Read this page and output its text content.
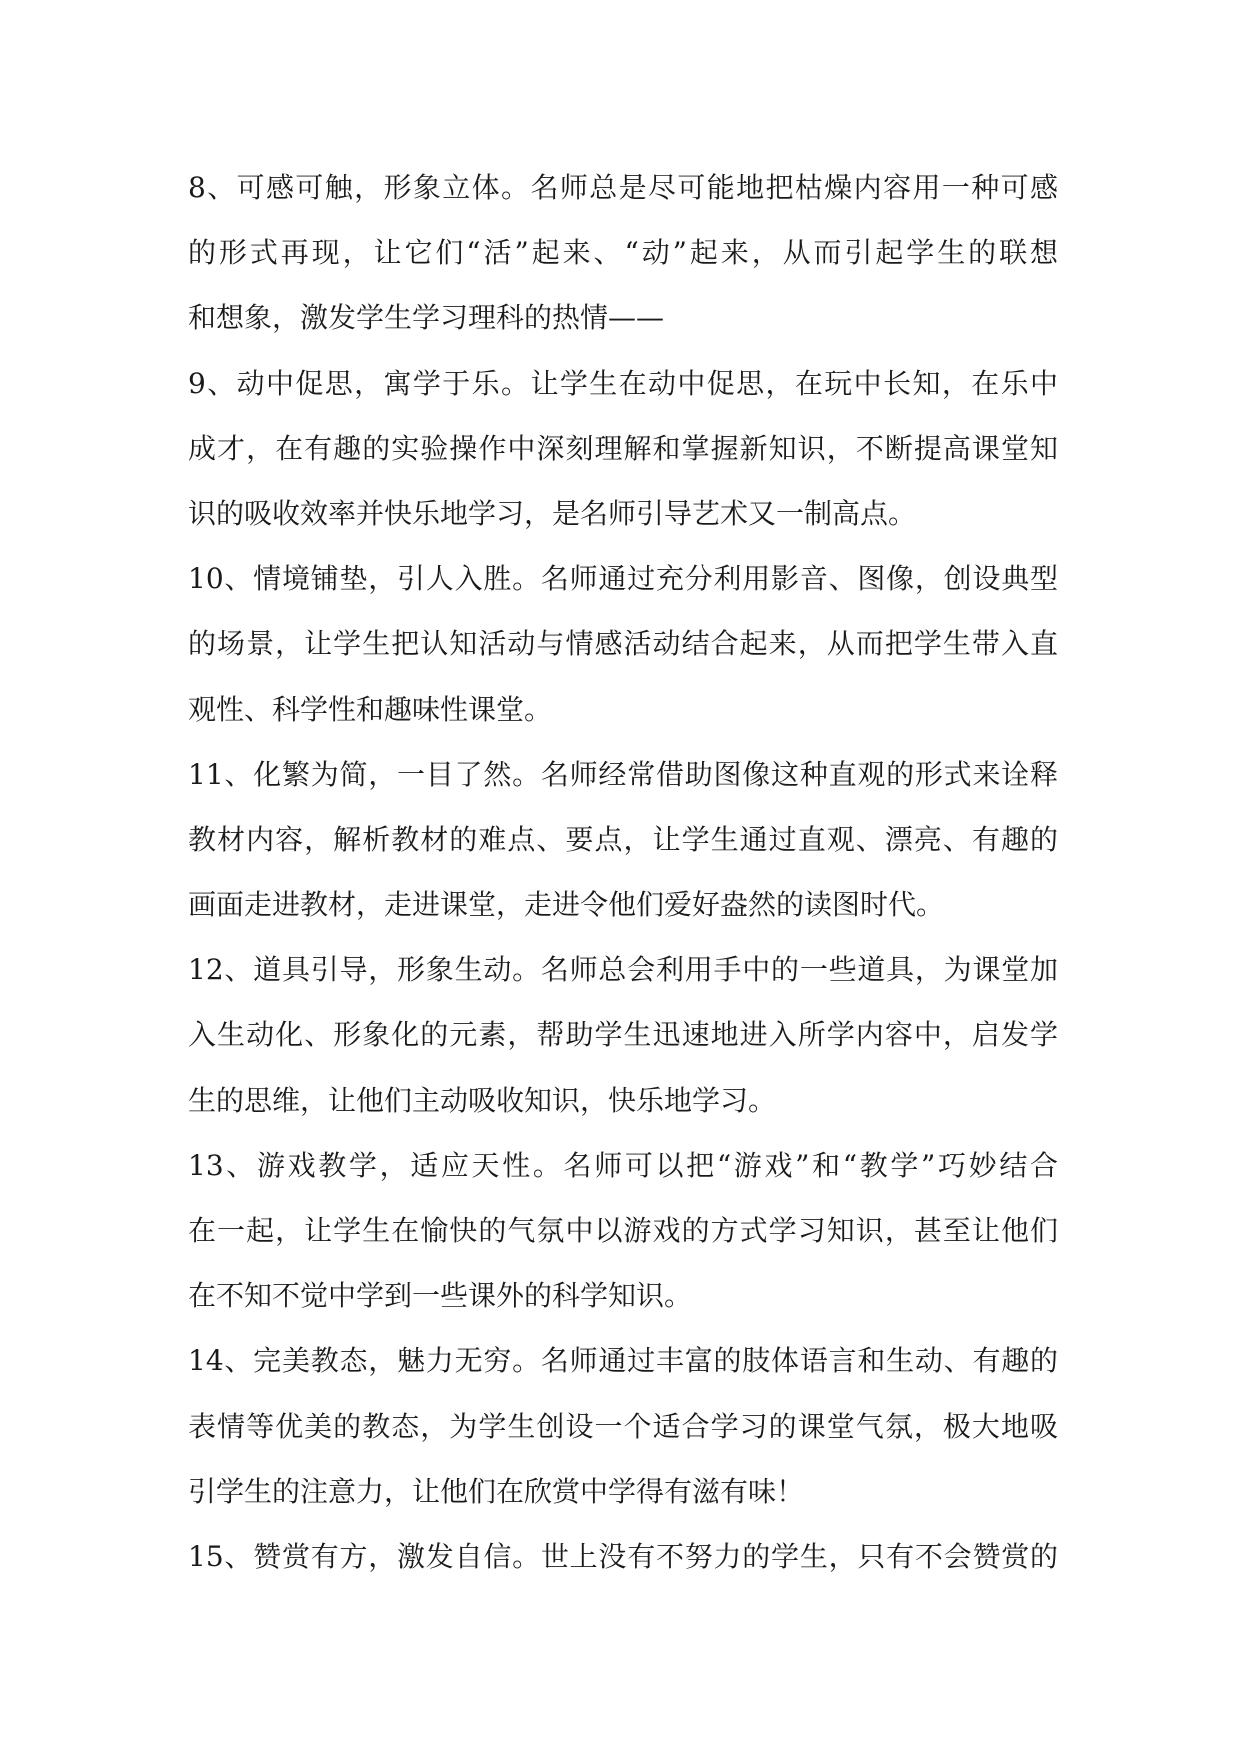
8、可感可触，形象立体。名师总是尽可能地把枯燥内容用一种可感
的形式再现，让它们“活”起来、“动”起来，从而引起学生的联想
和想象，激发学生学习理科的热情——
9、动中促思，寓学于乐。让学生在动中促思，在玩中长知，在乐中
成才，在有趣的实验操作中深刻理解和掌握新知识，不断提高课堂知
识的吸收效率并快乐地学习，是名师引导艺术又一制高点。
10、情境铺垫，引人入胜。名师通过充分利用影音、图像，创设典型
的场景，让学生把认知活动与情感活动结合起来，从而把学生带入直
观性、科学性和趣味性课堂。
11、化繁为简，一目了然。名师经常借助图像这种直观的形式来诠释
教材内容，解析教材的难点、要点，让学生通过直观、漂亮、有趣的
画面走进教材，走进课堂，走进令他们爱好盎然的读图时代。
12、道具引导，形象生动。名师总会利用手中的一些道具，为课堂加
入生动化、形象化的元素，帮助学生迅速地进入所学内容中，启发学
生的思维，让他们主动吸收知识，快乐地学习。
13、游戏教学，适应天性。名师可以把“游戏”和“教学”巧妙结合
在一起，让学生在愉快的气氛中以游戏的方式学习知识，甚至让他们
在不知不觉中学到一些课外的科学知识。
14、完美教态，魅力无穷。名师通过丰富的肢体语言和生动、有趣的
表情等优美的教态，为学生创设一个适合学习的课堂气氛，极大地吸
引学生的注意力，让他们在欣赏中学得有滋有味！
15、赞赏有方，激发自信。世上没有不努力的学生，只有不会赞赏的
